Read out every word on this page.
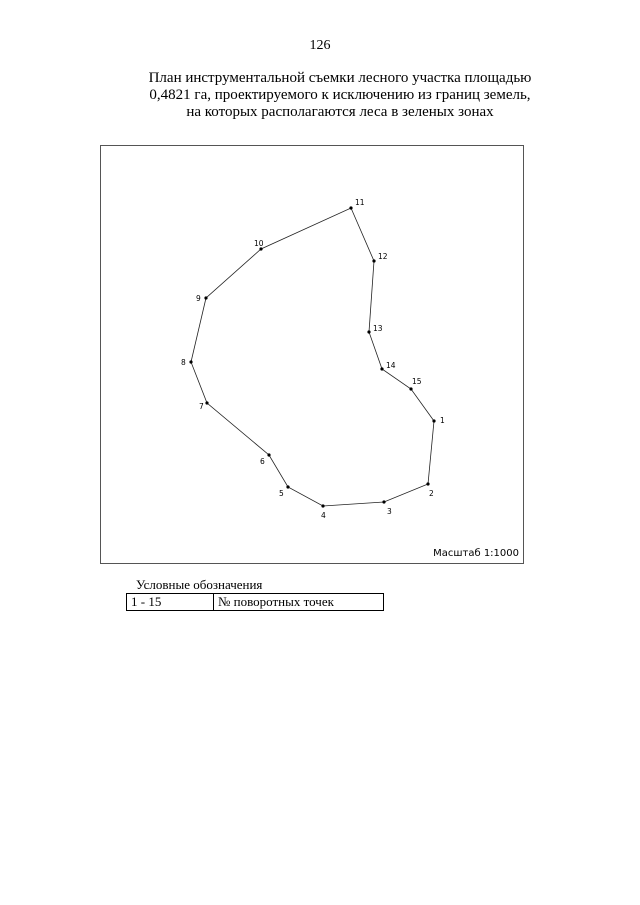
126
План инструментальной съемки лесного участка площадью
0,4821 га, проектируемого к исключению из границ земель,
на которых располагаются леса в зеленых зонах
1
2
3
4
5
6
7
8
9
10
11
12
13
14
15
Масштаб 1:1000
Условные обозначения
1 - 15	№ поворотных точек
